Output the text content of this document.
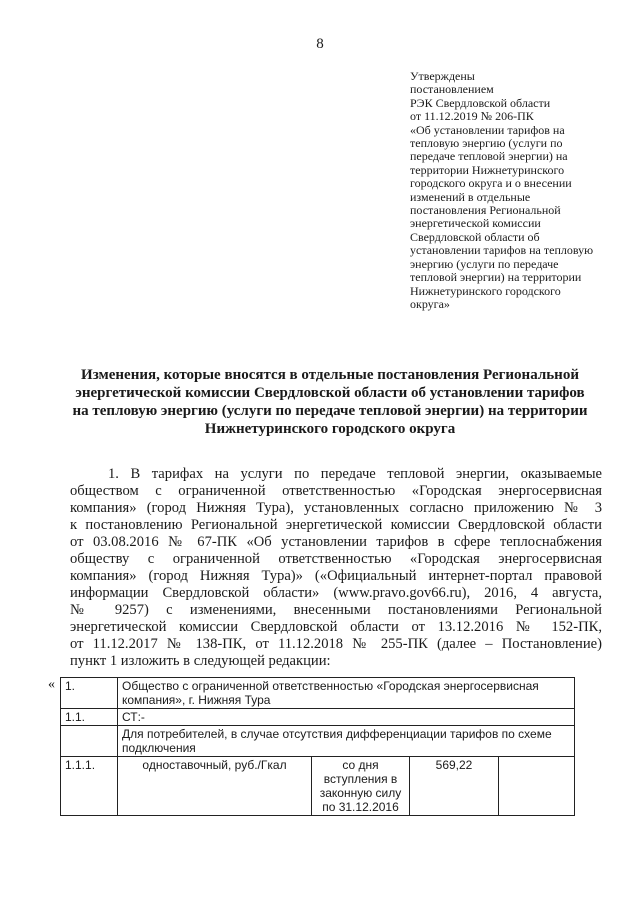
8
Утверждены
постановлением
РЭК Свердловской области
от 11.12.2019 № 206-ПК
«Об установлении тарифов на
тепловую энергию (услуги по
передаче тепловой энергии) на
территории Нижнетуринского
городского округа и о внесении
изменений в отдельные
постановления Региональной
энергетической комиссии
Свердловской области об
установлении тарифов на тепловую
энергию (услуги по передаче
тепловой энергии) на территории
Нижнетуринского городского
округа»
Изменения, которые вносятся в отдельные постановления Региональной
энергетической комиссии Свердловской области об установлении тарифов
на тепловую энергию (услуги по передаче тепловой энергии) на территории
Нижнетуринского городского округа
1. В тарифах на услуги по передаче тепловой энергии, оказываемые
обществом с ограниченной ответственностью «Городская энергосервисная
компания» (город Нижняя Тура), установленных согласно приложению № 3
к постановлению Региональной энергетической комиссии Свердловской области
от 03.08.2016 № 67-ПК «Об установлении тарифов в сфере теплоснабжения
обществу с ограниченной ответственностью «Городская энергосервисная
компания» (город Нижняя Тура)» («Официальный интернет-портал правовой
информации Свердловской области» (www.pravo.gov66.ru), 2016, 4 августа,
№ 9257) с изменениями, внесенными постановлениями Региональной
энергетической комиссии Свердловской области от 13.12.2016 № 152-ПК,
от 11.12.2017 № 138-ПК, от 11.12.2018 № 255-ПК (далее – Постановление)
пункт 1 изложить в следующей редакции:
« 1.	Общество с ограниченной ответственностью «Городская энергосервисная компания», г. Нижняя Тура			
1.1.	СТ:-			
	Для потребителей, в случае отсутствия дифференциации тарифов по схеме подключения			
1.1.1.	одноставочный, руб./Гкал	со дня вступления в законную силу по 31.12.2016	569,22	
